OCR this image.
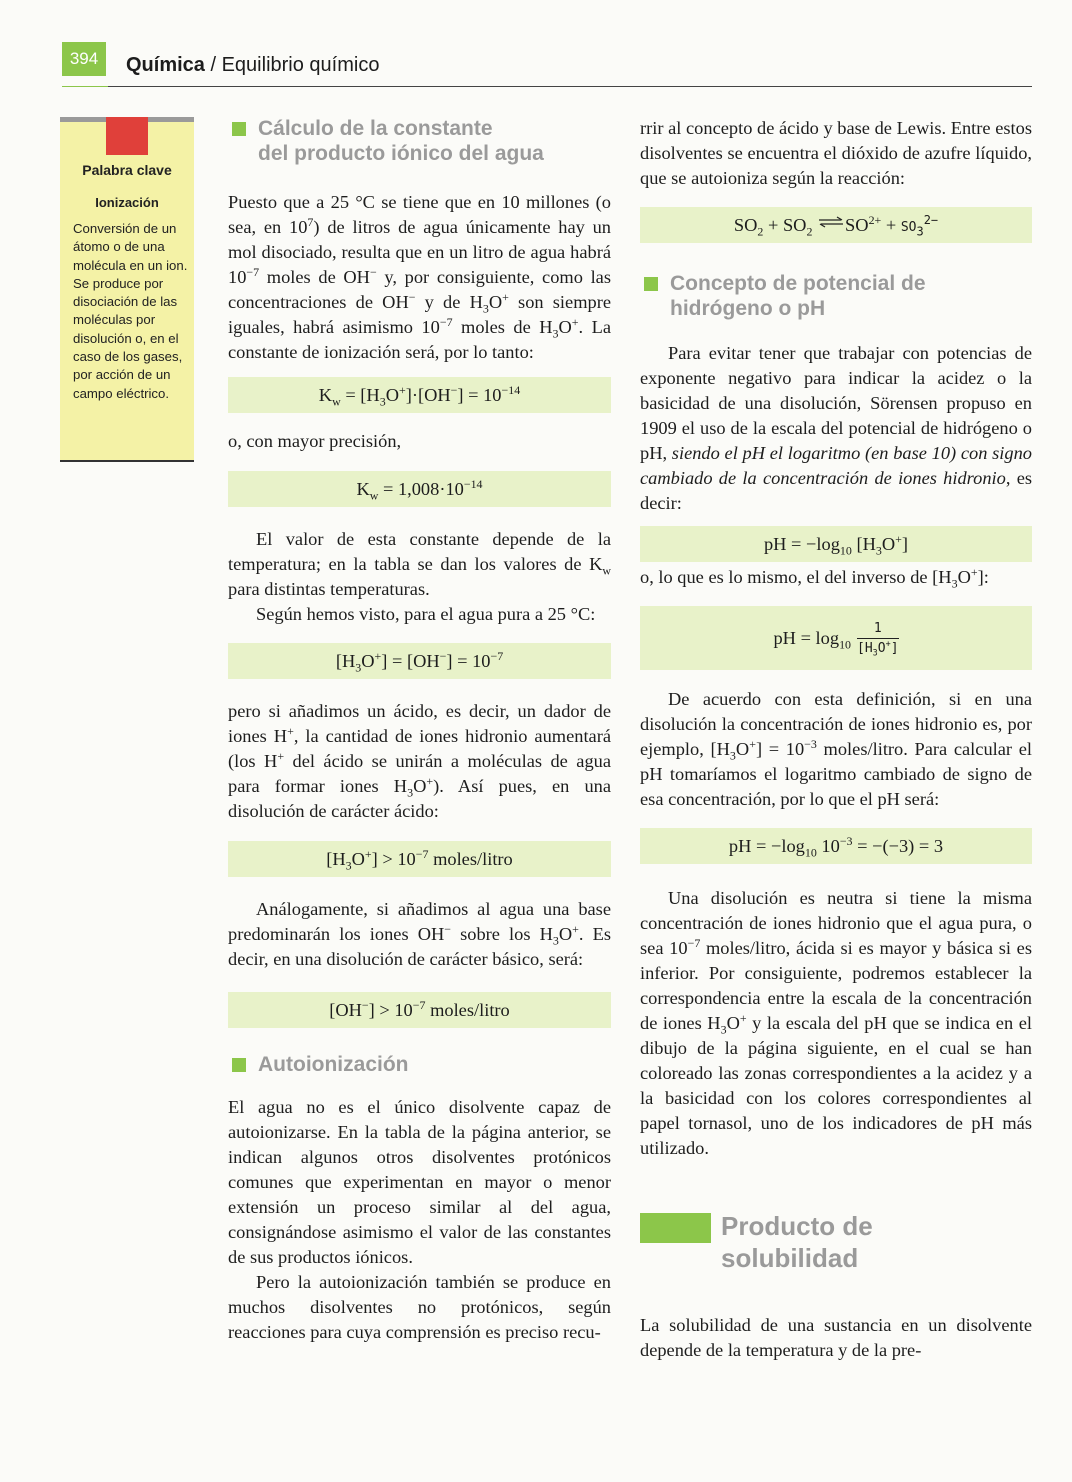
394	Química / Equilibrio químico
Palabra clave
Ionización
Conversión de un átomo o de una molécula en un ion. Se produce por disociación de las moléculas por disolución o, en el caso de los gases, por acción de un campo eléctrico.
Cálculo de la constante
del producto iónico del agua

Puesto que a 25 °C se tiene que en 10 millones (o sea, en $10^7$) de litros de agua únicamente hay un mol disociado, resulta que en un litro de agua habrá $10^{-7}$ moles de OH− y, por consiguiente, como las concentraciones de OH− y de $H_3O^+$ son siempre iguales, habrá asimismo $10^{-7}$ moles de $H_3O^+$. La constante de ionización será, por lo tanto:

$K_w = [H_3O^+]\cdot[OH^-] = 10^{-14}$

o, con mayor precisión,

$K_w = 1,008\cdot 10^{-14}$

El valor de esta constante depende de la temperatura; en la tabla se dan los valores de $K_w$ para distintas temperaturas.

Según hemos visto, para el agua pura a 25 °C:

$[H_3O^+] = [OH^-] = 10^{-7}$

pero si añadimos un ácido, es decir, un dador de iones H+, la cantidad de iones hidronio aumentará (los H+ del ácido se unirán a moléculas de agua para formar iones $H_3O^+$). Así pues, en una disolución de carácter ácido:

$[H_3O^+] > 10^{-7}$ moles/litro

Análogamente, si añadimos al agua una base predominarán los iones OH− sobre los $H_3O^+$. Es decir, en una disolución de carácter básico, será:

$[OH^-] > 10^{-7}$ moles/litro
Autoionización

El agua no es el único disolvente capaz de autoionizarse. En la tabla de la página anterior, se indican algunos otros disolventes protónicos comunes que experimentan en mayor o menor extensión un proceso similar al del agua, consignándose asimismo el valor de las constantes de sus productos iónicos.

Pero la autoionización también se produce en muchos disolventes no protónicos, según reacciones para cuya comprensión es preciso recu-

rrir al concepto de ácido y base de Lewis. Entre estos disolventes se encuentra el dióxido de azufre líquido, que se autoioniza según la reacción:

$SO_2 + SO_2$ $\rightleftharpoons SO^{2+} + SO_3^{2-}$
Concepto de potencial de
hidrógeno o pH

Para evitar tener que trabajar con potencias de exponente negativo para indicar la acidez o la basicidad de una disolución, Sörensen propuso en 1909 el uso de la escala del potencial de hidrógeno o pH, siendo el pH el logaritmo (en base 10) con signo cambiado de la concentración de iones hidronio, es decir:

pH = $-\log_{10}$ $[H_3O^+]$

o, lo que es lo mismo, el del inverso de $[H_3O^+]$:

pH = $\log_{10} \frac{1}{[H_3O^+]}$

De acuerdo con esta definición, si en una disolución la concentración de iones hidronio es, por ejemplo, $[H_3O^+] = 10^{-3}$ moles/litro. Para calcular el pH tomaríamos el logaritmo cambiado de signo de esa concentración, por lo que el pH será:

pH = $-\log_{10}$ $10^{-3} = -(-3) = 3$

Una disolución es neutra si tiene la misma concentración de iones hidronio que el agua pura, o sea $10^{-7}$ moles/litro, ácida si es mayor y básica si es inferior. Por consiguiente, podremos establecer la correspondencia entre la escala de la concentración de iones $H_3O^+$ y la escala del pH que se indica en el dibujo de la página siguiente, en el cual se han coloreado las zonas correspondientes a la acidez y a la basicidad con los colores correspondientes al papel tornasol, uno de los indicadores de pH más utilizado.

Producto de
solubilidad

La solubilidad de una sustancia en un disolvente depende de la temperatura y de la pre-
